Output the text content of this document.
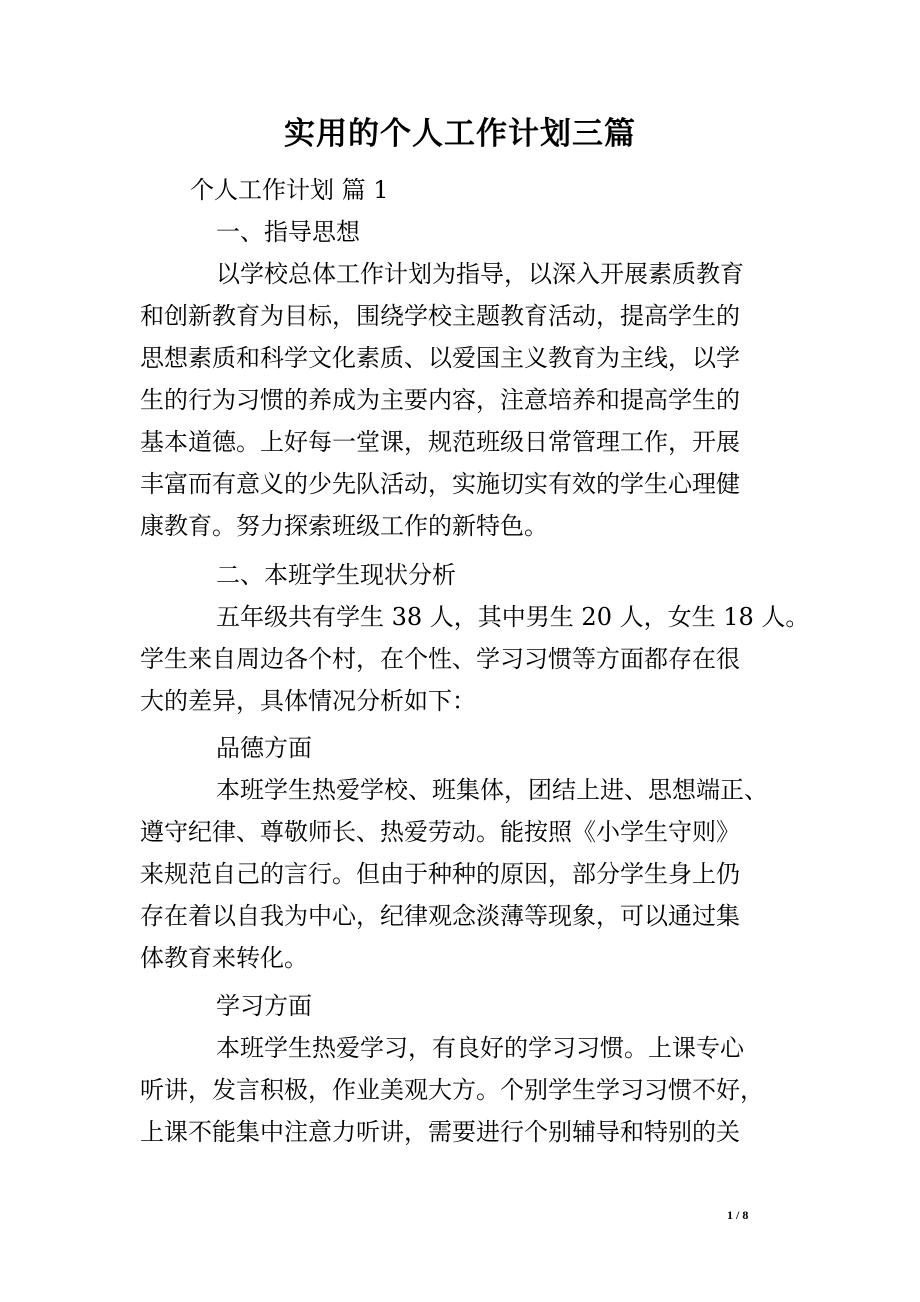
实用的个人工作计划三篇

个人工作计划 篇 1

一、指导思想

以学校总体工作计划为指导，以深入开展素质教育

和创新教育为目标，围绕学校主题教育活动，提高学生的

思想素质和科学文化素质、以爱国主义教育为主线，以学

生的行为习惯的养成为主要内容，注意培养和提高学生的

基本道德。上好每一堂课，规范班级日常管理工作，开展

丰富而有意义的少先队活动，实施切实有效的学生心理健

康教育。努力探索班级工作的新特色。

二、本班学生现状分析

五年级共有学生 38 人，其中男生 20 人，女生 18 人。

学生来自周边各个村，在个性、学习习惯等方面都存在很

大的差异，具体情况分析如下：

品德方面

本班学生热爱学校、班集体，团结上进、思想端正、

遵守纪律、尊敬师长、热爱劳动。能按照《小学生守则》

来规范自己的言行。但由于种种的原因，部分学生身上仍

存在着以自我为中心，纪律观念淡薄等现象，可以通过集

体教育来转化。

学习方面

本班学生热爱学习，有良好的学习习惯。上课专心

听讲，发言积极，作业美观大方。个别学生学习习惯不好，

上课不能集中注意力听讲，需要进行个别辅导和特别的关

1 / 8
